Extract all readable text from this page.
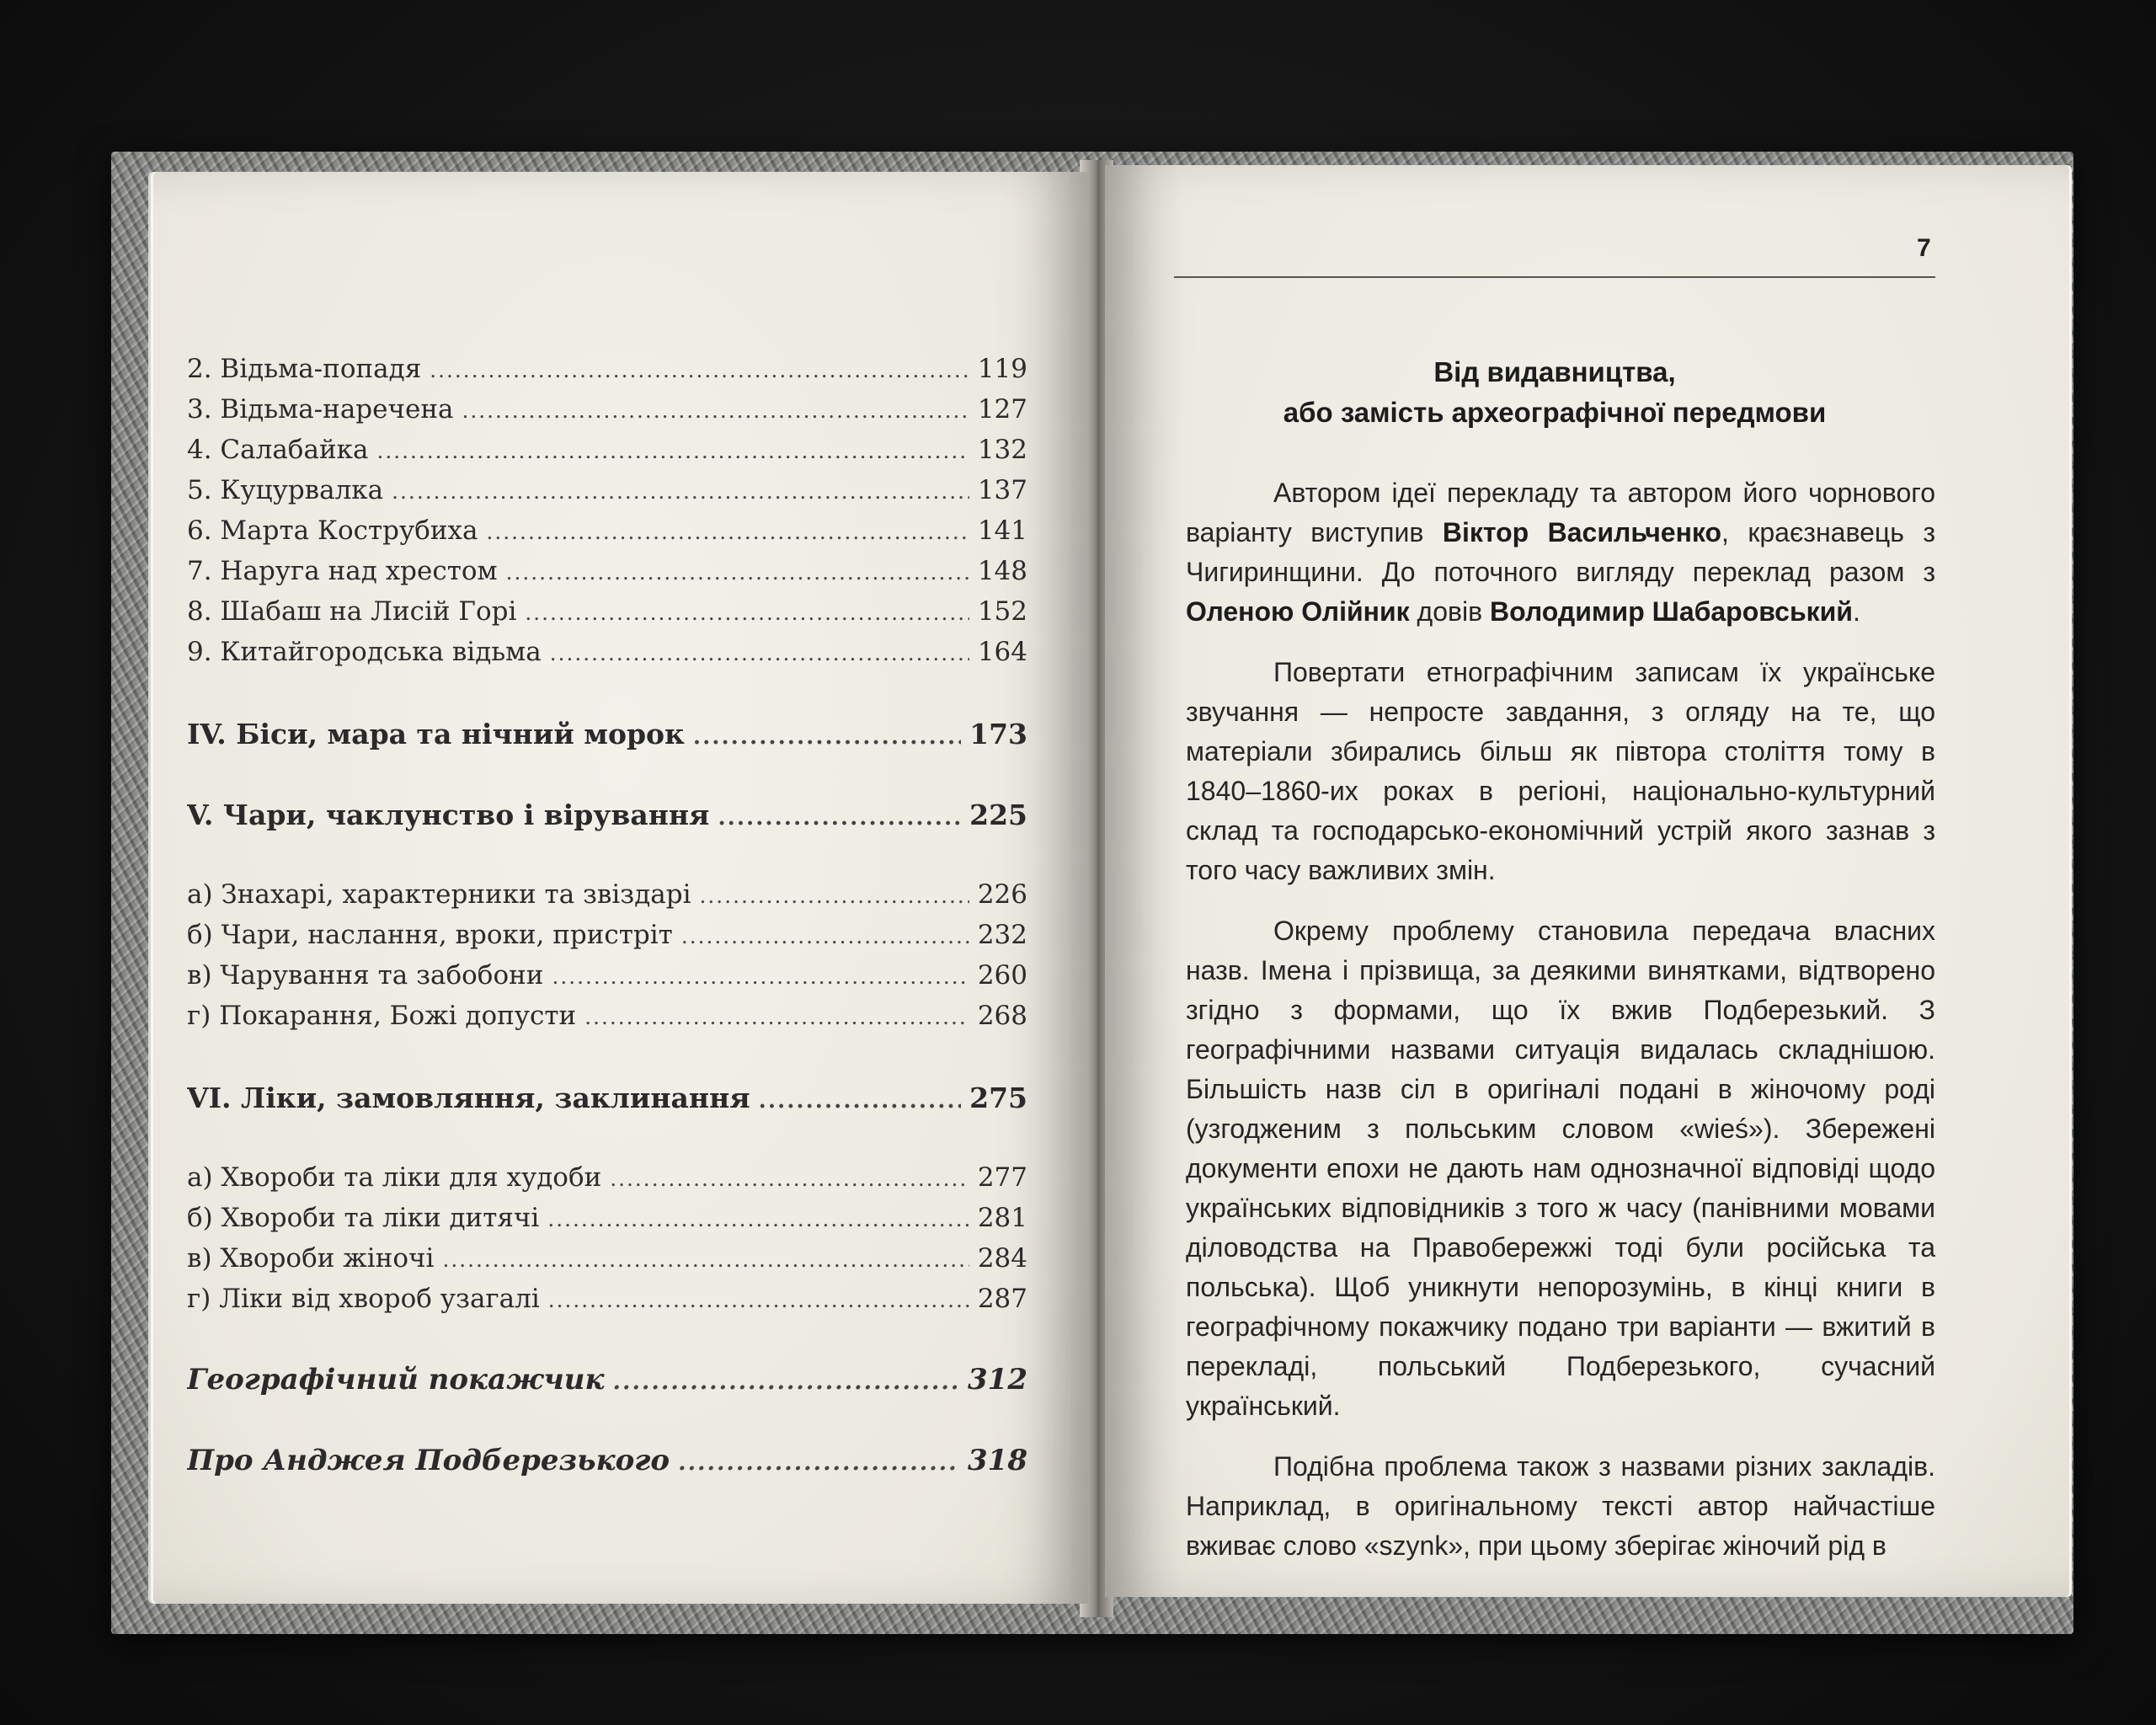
2. Відьма-попадя .....	119
3. Відьма-наречена .....	127
4. Салабайка .....	132
5. Куцурвалка .....	137
6. Марта Кострубиха .....	141
7. Наруга над хрестом .....	148
8. Шабаш на Лисій Горі .....	152
9. Китайгородська відьма .....	164
IV. Біси, мара та нічний морок .....	173
V. Чари, чаклунство і вірування .....	225
а) Знахарі, характерники та звіздарі .....	226
б) Чари, наслання, вроки, пристріт .....	232
в) Чарування та забобони .....	260
г) Покарання, Божі допусти .....	268
VI. Ліки, замовляння, заклинання .....	275
а) Хвороби та ліки для худоби .....	277
б) Хвороби та ліки дитячі .....	281
в) Хвороби жіночі .....	284
г) Ліки від хвороб узагалі .....	287
Географічний покажчик .....	312
Про Анджея Подберезького .....	318
7
Від видавництва,
або замість археографічної передмови

Автором ідеї перекладу та автором його чорнового варіанту виступив Віктор Васильченко, краєзнавець з Чигиринщини. До поточного вигляду переклад разом з Оленою Олійник довів Володимир Шабаровський.

Повертати етнографічним записам їх українське звучання — непросте завдання, з огляду на те, що матеріали збирались більш як півтора століття тому в 1840–1860-их роках в регіоні, національно-культурний склад та господарсько-економічний устрій якого зазнав з того часу важливих змін.

Окрему проблему становила передача власних назв. Імена і прізвища, за деякими винятками, відтворено згідно з формами, що їх вжив Подберезький. З географічними назвами ситуація видалась складнішою. Більшість назв сіл в оригіналі подані в жіночому роді (узгодженим з польським словом «wieś»). Збережені документи епохи не дають нам однозначної відповіді щодо українських відповідників з того ж часу (панівними мовами діловодства на Правобережжі тоді були російська та польська). Щоб уникнути непорозумінь, в кінці книги в географічному покажчику подано три варіанти — вжитий в перекладі, польський Подберезького, сучасний український.

Подібна проблема також з назвами різних закладів. Наприклад, в оригінальному тексті автор найчастіше вживає слово «szynk», при цьому зберігає жіночий рід в
